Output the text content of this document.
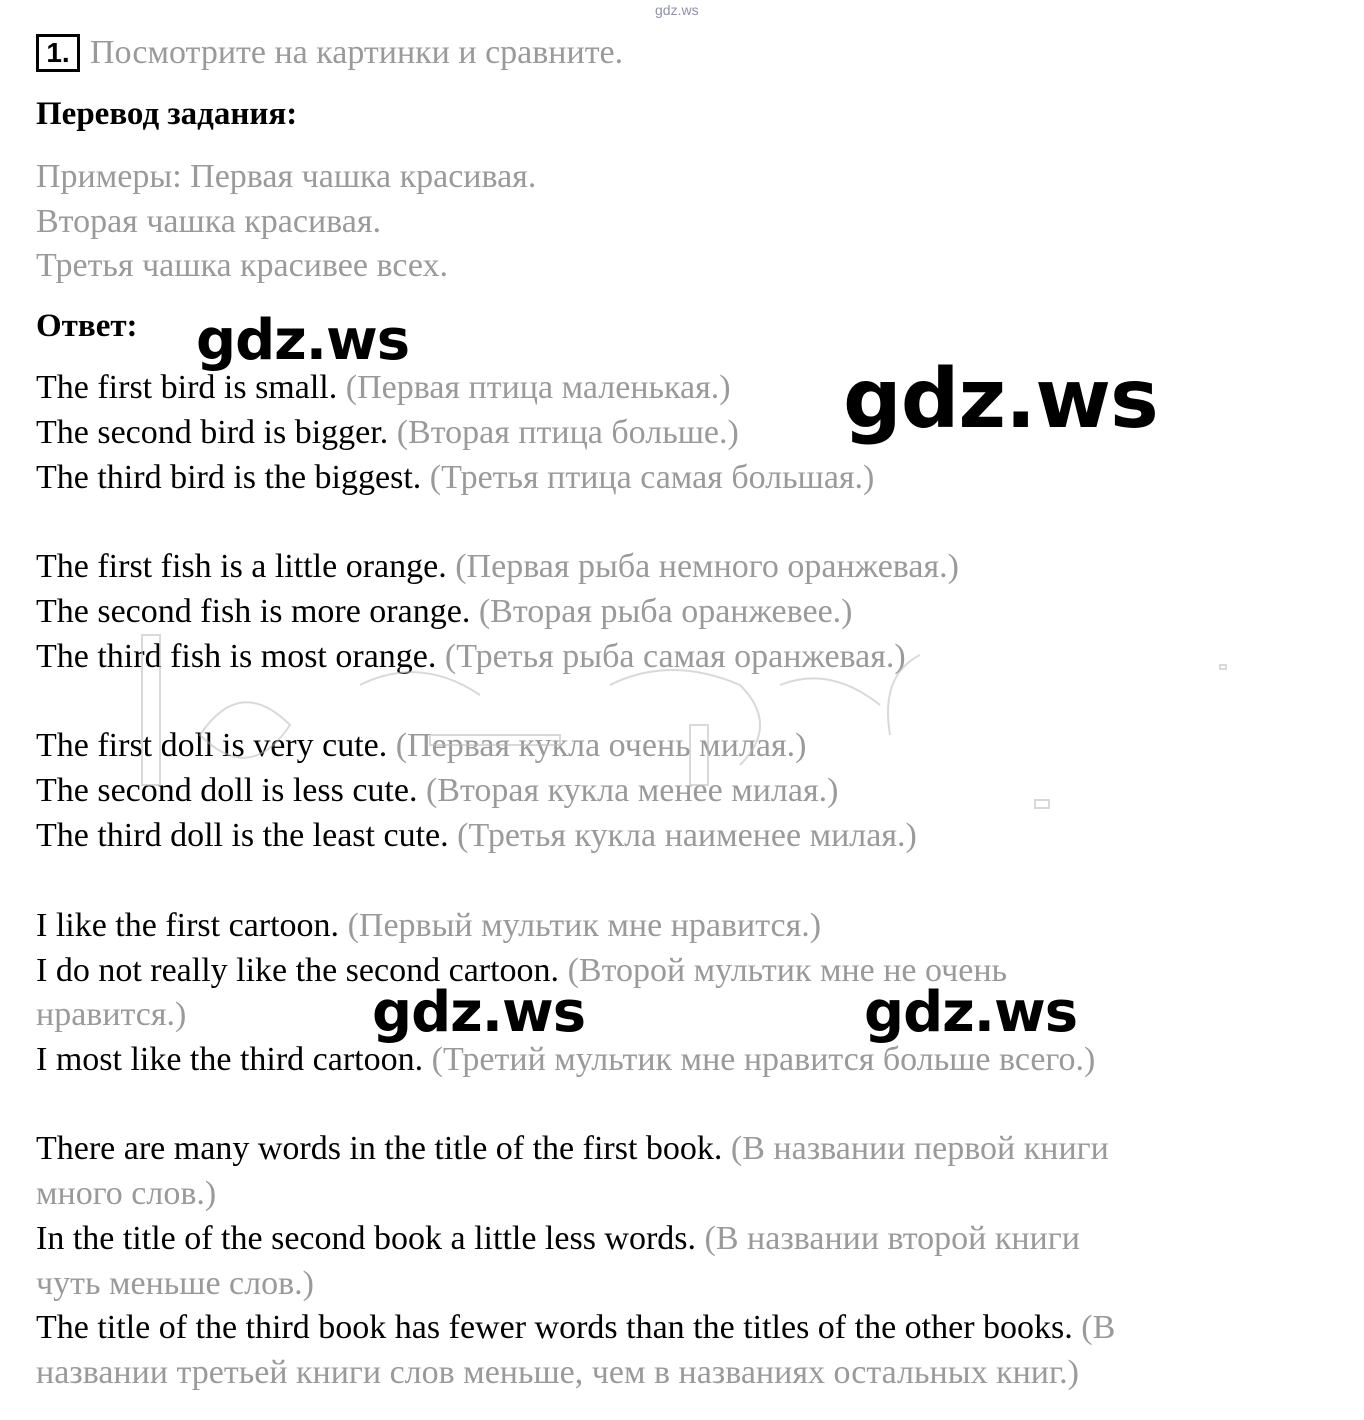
gdz.ws
1. Посмотрите на картинки и сравните.
Перевод задания:
Примеры: Первая чашка красивая.
Вторая чашка красивая.
Третья чашка красивее всех.
Ответ:
The first bird is small. (Первая птица маленькая.)
The second bird is bigger. (Вторая птица больше.)
The third bird is the biggest. (Третья птица самая большая.)
The first fish is a little orange. (Первая рыба немного оранжевая.)
The second fish is more orange. (Вторая рыба оранжевее.)
The third fish is most orange. (Третья рыба самая оранжевая.)
The first doll is very cute. (Первая кукла очень милая.)
The second doll is less cute. (Вторая кукла менее милая.)
The third doll is the least cute. (Третья кукла наименее милая.)
I like the first cartoon. (Первый мультик мне нравится.)
I do not really like the second cartoon. (Второй мультик мне не очень
нравится.)
I most like the third cartoon. (Третий мультик мне нравится больше всего.)
There are many words in the title of the first book. (В названии первой книги
много слов.)
In the title of the second book a little less words. (В названии второй книги
чуть меньше слов.)
The title of the third book has fewer words than the titles of the other books. (В
названии третьей книги слов меньше, чем в названиях остальных книг.)
gdz.ws
gdz.ws
gdz.ws	gdz.ws
